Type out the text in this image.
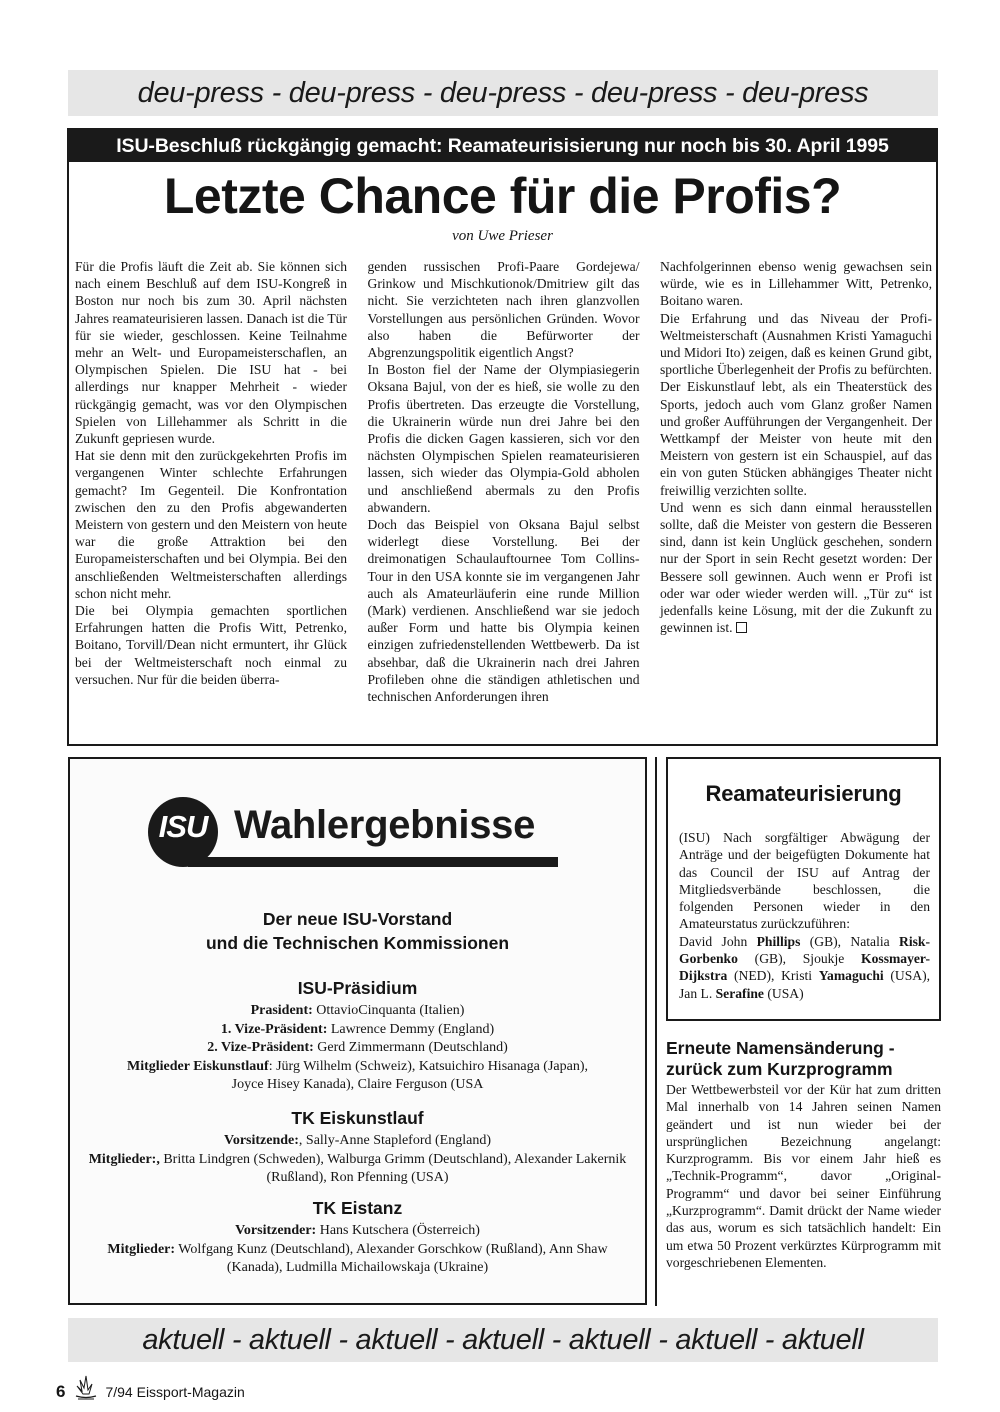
deu-press - deu-press - deu-press - deu-press - deu-press
ISU-Beschluß rückgängig gemacht: Reamateurisisierung nur noch bis 30. April 1995
Letzte Chance für die Profis?
von Uwe Prieser

Für die Profis läuft die Zeit ab. Sie können sich nach einem Beschluß auf dem ISU-Kongreß in Boston nur noch bis zum 30. April nächsten Jahres reamateurisieren lassen. Danach ist die Tür für sie wieder, geschlossen. Keine Teilnahme mehr an Welt- und Europameisterschaflen, an Olympischen Spielen. Die ISU hat - bei allerdings nur knapper Mehrheit - wieder rückgängig gemacht, was vor den Olympischen Spielen von Lillehammer als Schritt in die Zukunft gepriesen wurde.

Hat sie denn mit den zurückgekehrten Profis im vergangenen Winter schlechte Erfahrungen gemacht? Im Gegenteil. Die Konfrontation zwischen den zu den Profis abgewanderten Meistern von gestern und den Meistern von heute war die große Attraktion bei den Europameisterschaften und bei Olympia. Bei den anschließenden Weltmeisterschaften allerdings schon nicht mehr.

Die bei Olympia gemachten sportlichen Erfahrungen hatten die Profis Witt, Petrenko, Boitano, Torvill/Dean nicht ermuntert, ihr Glück bei der Weltmeisterschaft noch einmal zu versuchen. Nur für die beiden überra-

genden russischen Profi-Paare Gordejewa/ Grinkow und Mischkutionok/Dmitriew gilt das nicht. Sie verzichteten nach ihren glanzvollen Vorstellungen aus persönlichen Gründen. Wovor also haben die Befürworter der Abgrenzungspolitik eigentlich Angst?

In Boston fiel der Name der Olympiasiegerin Oksana Bajul, von der es hieß, sie wolle zu den Profis übertreten. Das erzeugte die Vorstellung, die Ukrainerin würde nun drei Jahre bei den Profis die dicken Gagen kassieren, sich vor den nächsten Olympischen Spielen reamateurisieren lassen, sich wieder das Olympia-Gold abholen und anschließend abermals zu den Profis abwandern.

Doch das Beispiel von Oksana Bajul selbst widerlegt diese Vorstellung. Bei der dreimonatigen Schaulauftournee Tom Collins-Tour in den USA konnte sie im vergangenen Jahr auch als Amateurläuferin eine runde Million (Mark) verdienen. Anschließend war sie jedoch außer Form und hatte bis Olympia keinen einzigen zufriedenstellenden Wettbewerb. Da ist absehbar, daß die Ukrainerin nach drei Jahren Profileben ohne die ständigen athletischen und technischen Anforderungen ihren

Nachfolgerinnen ebenso wenig gewachsen sein würde, wie es in Lillehammer Witt, Petrenko, Boitano waren.

Die Erfahrung und das Niveau der Profi-Weltmeisterschaft (Ausnahmen Kristi Yamaguchi und Midori Ito) zeigen, daß es keinen Grund gibt, sportliche Überlegenheit der Profis zu befürchten. Der Eiskunstlauf lebt, als ein Theaterstück des Sports, jedoch auch vom Glanz großer Namen und großer Aufführungen der Vergangenheit. Der Wettkampf der Meister von heute mit den Meistern von gestern ist ein Schauspiel, auf das ein von guten Stücken abhängiges Theater nicht freiwillig verzichten sollte.

Und wenn es sich dann einmal herausstellen sollte, daß die Meister von gestern die Besseren sind, dann ist kein Unglück geschehen, sondern nur der Sport in sein Recht gesetzt worden: Der Bessere soll gewinnen. Auch wenn er Profi ist oder war oder wieder werden will. „Tür zu“ ist jedenfalls keine Lösung, mit der die Zukunft zu gewinnen ist.

ISU Wahlergebnisse
Der neue ISU-Vorstand
und die Technischen Kommissionen
ISU-Präsidium
Prasident: OttavioCinquanta (Italien)
1. Vize-Präsident: Lawrence Demmy (England)
2. Vize-Präsident: Gerd Zimmermann (Deutschland)
Mitglieder Eiskunstlauf: Jürg Wilhelm (Schweiz), Katsuichiro Hisanaga (Japan), Joyce Hisey Kanada), Claire Ferguson (USA
TK Eiskunstlauf
Vorsitzende:, Sally-Anne Stapleford (England)
Mitglieder:, Britta Lindgren (Schweden), Walburga Grimm (Deutschland), Alexander Lakernik (Rußland), Ron Pfenning (USA)
TK Eistanz
Vorsitzender: Hans Kutschera (Österreich)
Mitglieder: Wolfgang Kunz (Deutschland), Alexander Gorschkow (Rußland), Ann Shaw (Kanada), Ludmilla Michailowskaja (Ukraine)
Reamateurisierung
(ISU) Nach sorgfältiger Abwägung der Anträge und der beigefügten Dokumente hat das Council der ISU auf Antrag der Mitgliedsverbände beschlossen, die folgenden Personen wieder in den Amateurstatus zurückzuführen:
David John Phillips (GB), Natalia Risk-Gorbenko (GB), Sjoukje Kossmayer-Dijkstra (NED), Kristi Yamaguchi (USA), Jan L. Serafine (USA)
Erneute Namensänderung - zurück zum Kurzprogramm
Der Wettbewerbsteil vor der Kür hat zum dritten Mal innerhalb von 14 Jahren seinen Namen geändert und ist nun wieder bei der ursprünglichen Bezeichnung angelangt: Kurzprogramm. Bis vor einem Jahr hieß es „Technik-Programm“, davor „Original-Programm“ und davor bei seiner Einführung „Kurzprogramm“. Damit drückt der Name wieder das aus, worum es sich tatsächlich handelt: Ein um etwa 50 Prozent verkürztes Kürprogramm mit vorgeschriebenen Elementen.
aktuell - aktuell - aktuell - aktuell - aktuell - aktuell - aktuell
6	7/94 Eissport-Magazin
